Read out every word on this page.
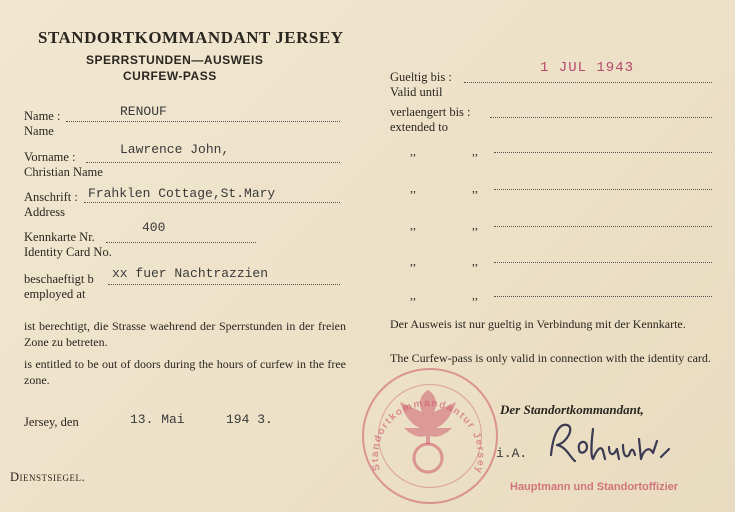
STANDORTKOMMANDANT JERSEY
SPERRSTUNDEN—AUSWEIS
CURFEW-PASS
Name :	RENOUF
Name
Vorname :	Lawrence John,
Christian Name
Anschrift : Frahklen Cottage,St.Mary
Address
Kennkarte Nr.
400
Identity Card No.
beschaeftigt b xx fuer Nachtrazzien
employed at
ist berechtigt, die Strasse waehrend der Sperrstunden in der freien Zone zu betreten.
is entitled to be out of doors during the hours of curfew in the free zone.
Jersey, den	13. Mai	194 3.
Dienstsiegel.
Gueltig bis :
1 JUL 1943
Valid until
verlaengert bis :
extended to
,,	,,
,,	,,
,,	,,
,,	,,
,,	,,
Der Ausweis ist nur gueltig in Verbindung mit der Kennkarte.
The Curfew-pass is only valid in connection with the identity card.
Standortkommandantur Jersey
Der Standortkommandant,
i.A.
Hauptmann und Standortoffizier
